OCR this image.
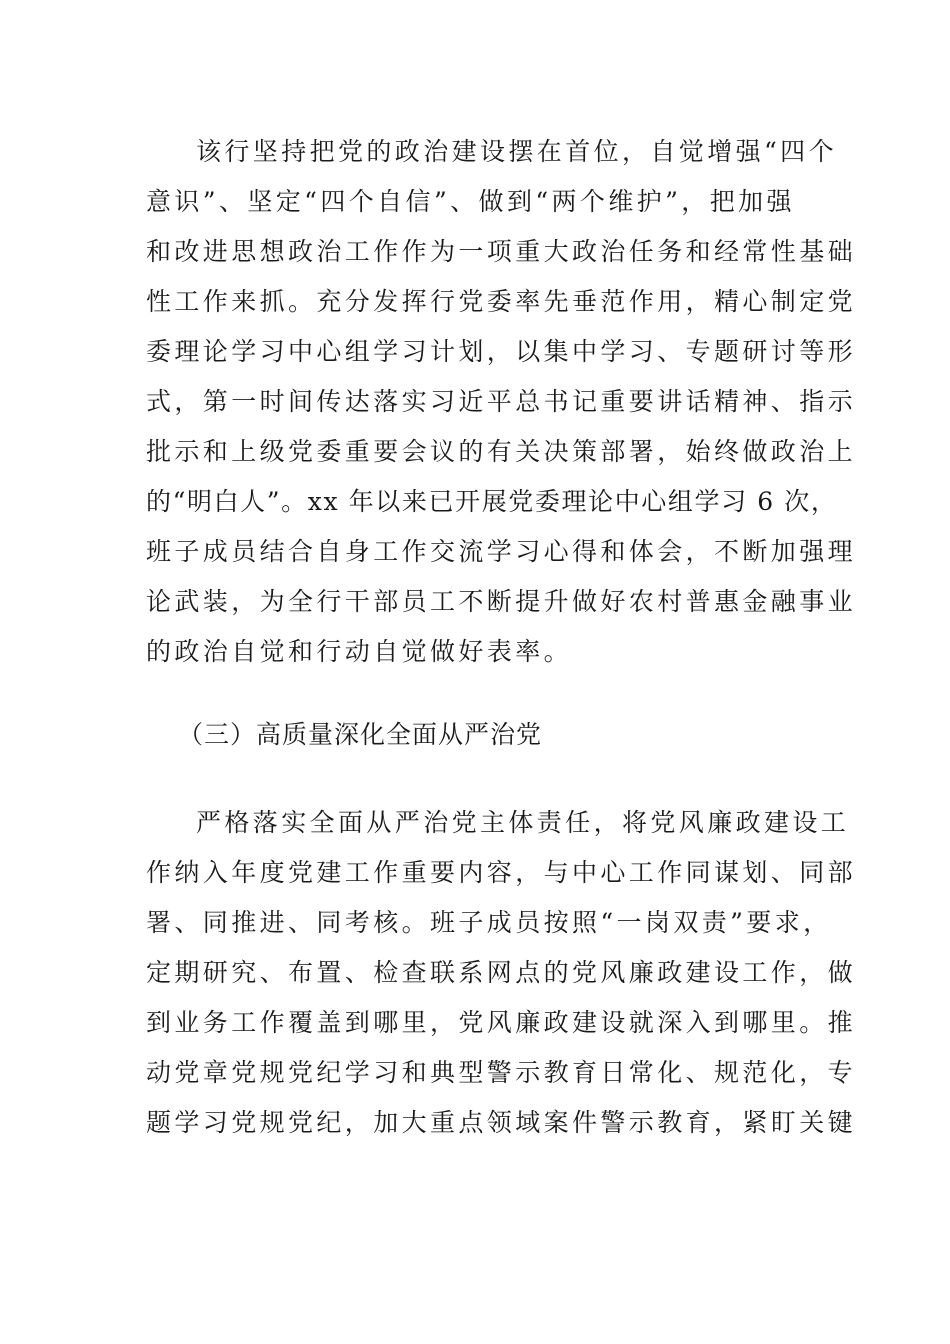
该行坚持把党的政治建设摆在首位，自觉增强“四个
意识”、坚定“四个自信”、做到“两个维护”，把加强
和改进思想政治工作作为一项重大政治任务和经常性基础
性工作来抓。充分发挥行党委率先垂范作用，精心制定党
委理论学习中心组学习计划，以集中学习、专题研讨等形
式，第一时间传达落实习近平总书记重要讲话精神、指示
批示和上级党委重要会议的有关决策部署，始终做政治上
的“明白人”。xx 年以来已开展党委理论中心组学习 6 次，
班子成员结合自身工作交流学习心得和体会，不断加强理
论武装，为全行干部员工不断提升做好农村普惠金融事业
的政治自觉和行动自觉做好表率。
（三）高质量深化全面从严治党
严格落实全面从严治党主体责任，将党风廉政建设工
作纳入年度党建工作重要内容，与中心工作同谋划、同部
署、同推进、同考核。班子成员按照“一岗双责”要求，
定期研究、布置、检查联系网点的党风廉政建设工作，做
到业务工作覆盖到哪里，党风廉政建设就深入到哪里。推
动党章党规党纪学习和典型警示教育日常化、规范化，专
题学习党规党纪，加大重点领域案件警示教育，紧盯关键
